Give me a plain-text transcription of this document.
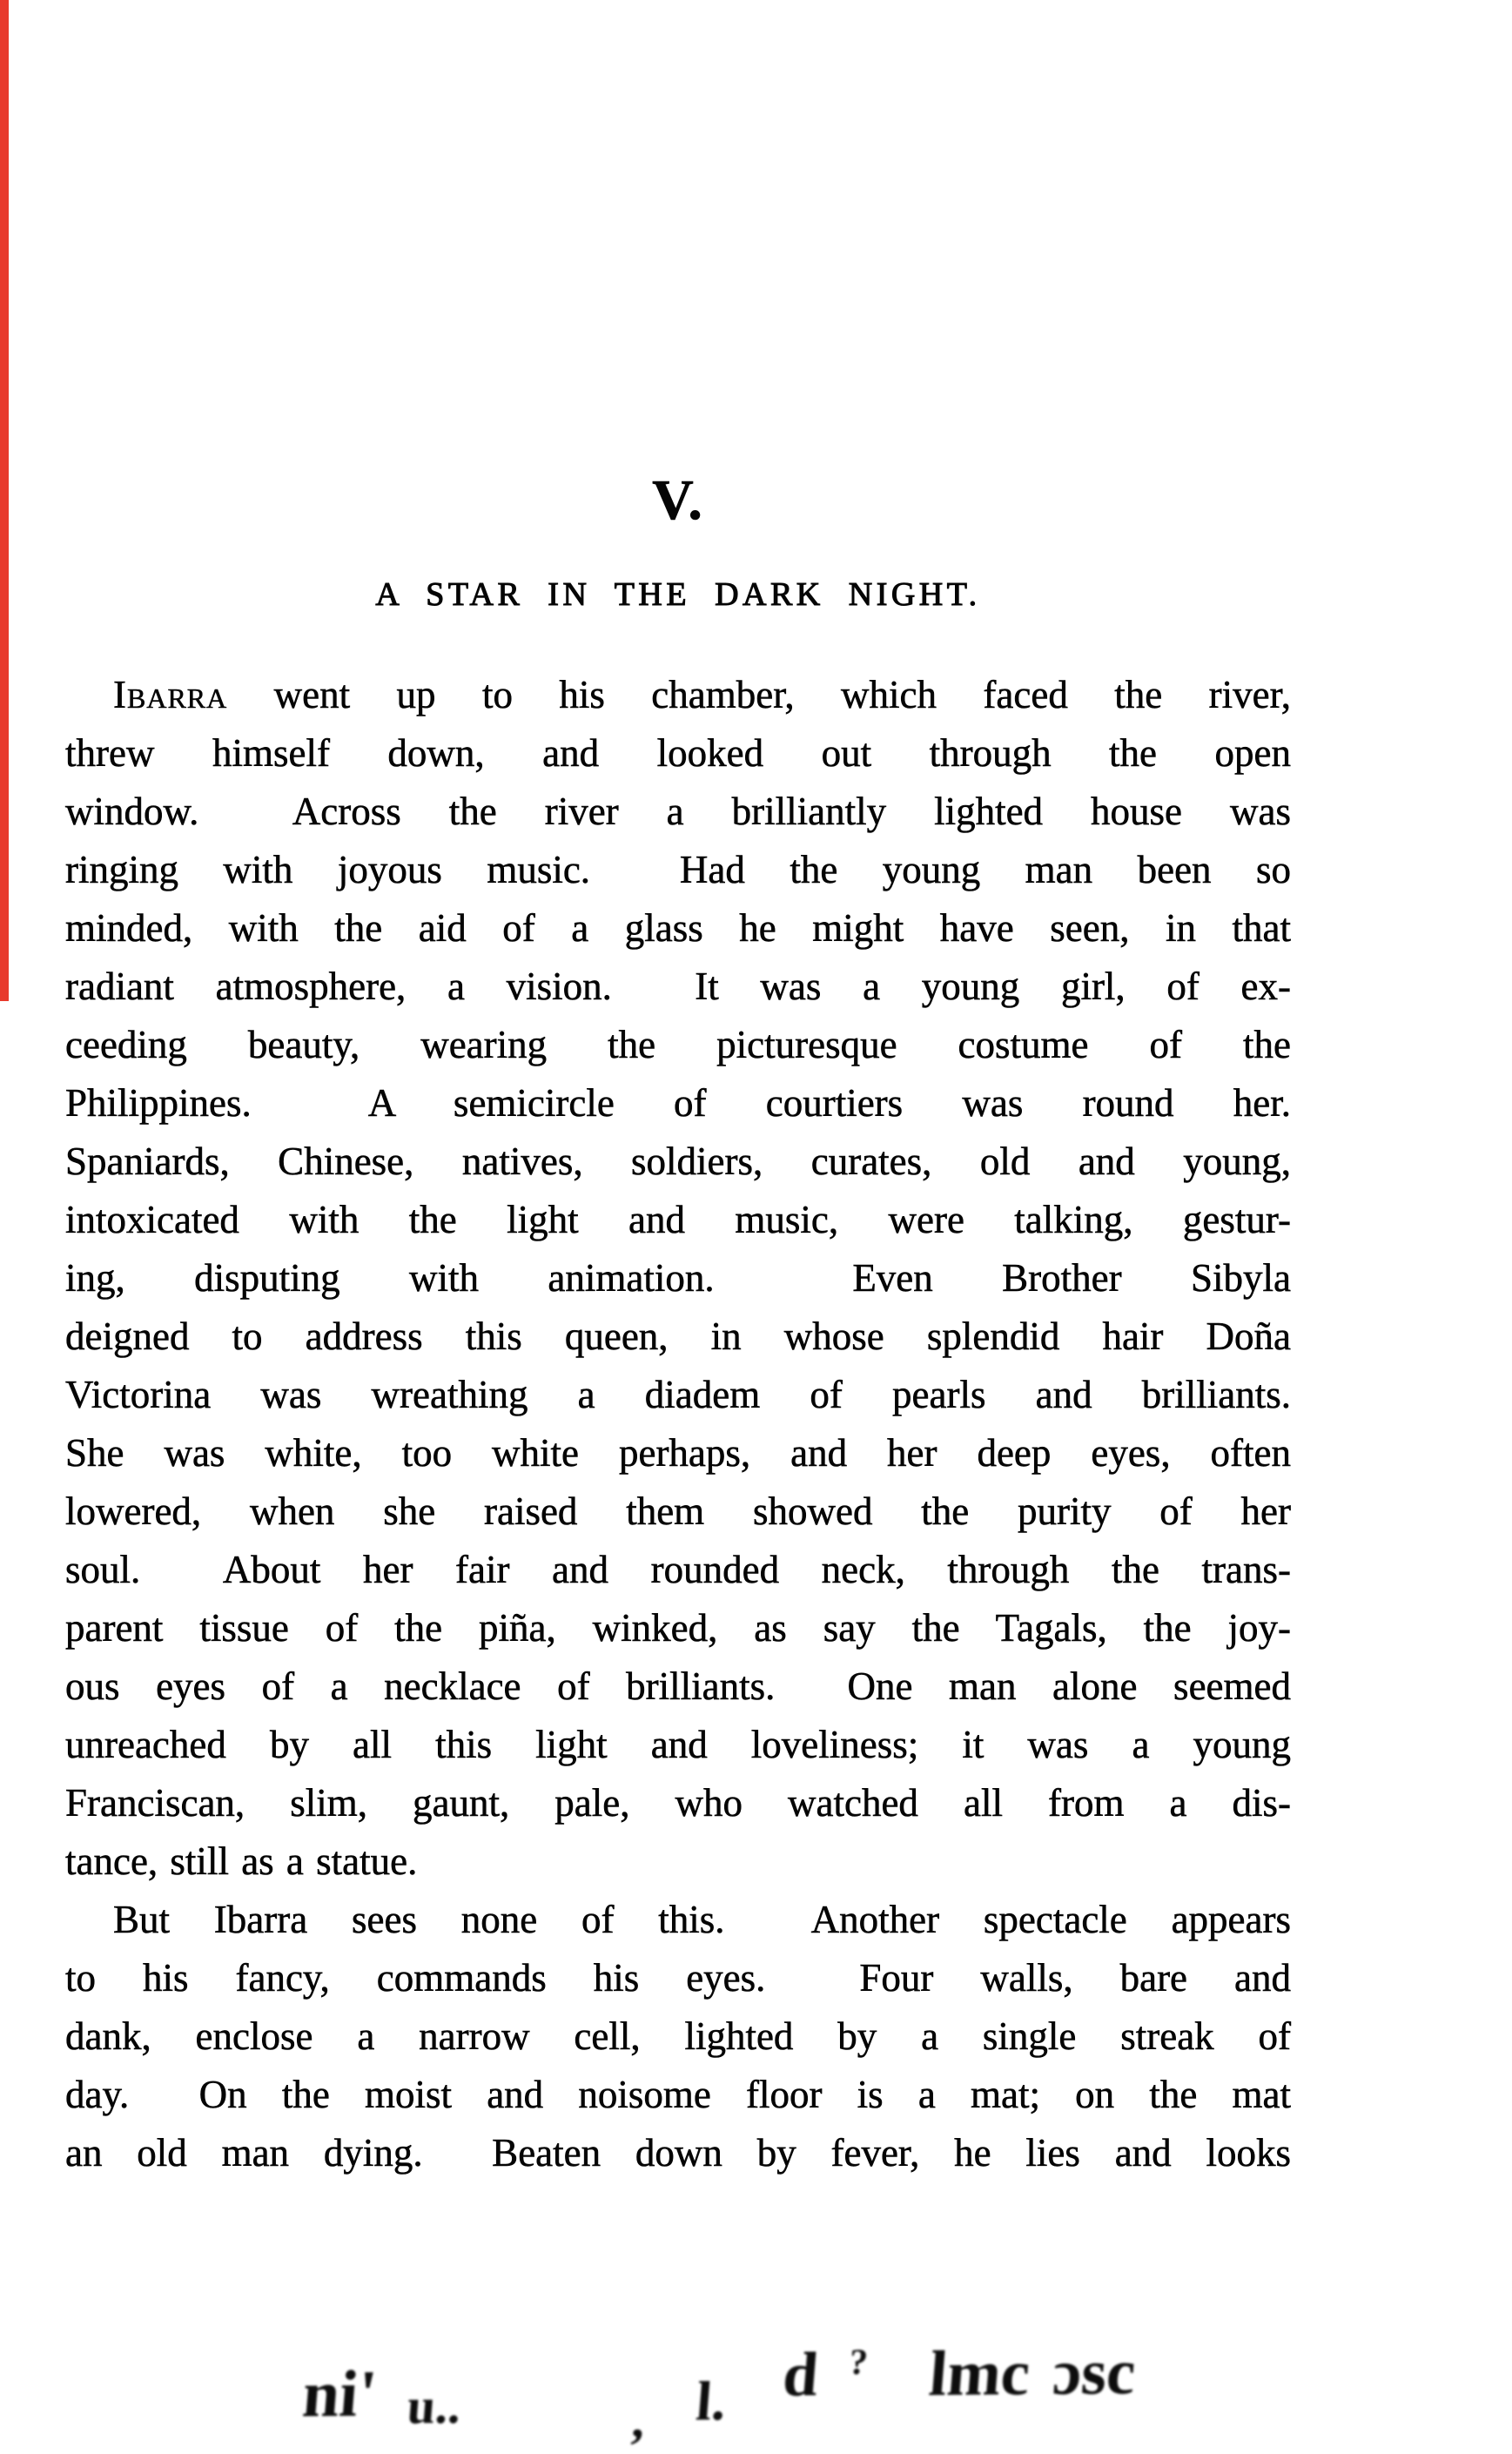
V.
A STAR IN THE DARK NIGHT.
Ibarra went up to his chamber, which faced the river,
threw himself down, and looked out through the open
window.  Across the river a brilliantly lighted house was
ringing with joyous music.  Had the young man been so
minded, with the aid of a glass he might have seen, in that
radiant atmosphere, a vision.  It was a young girl, of ex-
ceeding beauty, wearing the picturesque costume of the
Philippines.  A semicircle of courtiers was round her.
Spaniards, Chinese, natives, soldiers, curates, old and young,
intoxicated with the light and music, were talking, gestur-
ing, disputing with animation.  Even Brother Sibyla
deigned to address this queen, in whose splendid hair Doña
Victorina was wreathing a diadem of pearls and brilliants.
She was white, too white perhaps, and her deep eyes, often
lowered, when she raised them showed the purity of her
soul.  About her fair and rounded neck, through the trans-
parent tissue of the piña, winked, as say the Tagals, the joy-
ous eyes of a necklace of brilliants.  One man alone seemed
unreached by all this light and loveliness; it was a young
Franciscan, slim, gaunt, pale, who watched all from a dis-
tance, still as a statue.
But Ibarra sees none of this.  Another spectacle appears
to his fancy, commands his eyes.  Four walls, bare and
dank, enclose a narrow cell, lighted by a single streak of
day.  On the moist and noisome floor is a mat; on the mat
an old man dying.  Beaten down by fever, he lies and looks
ni' u..	, l. d ? lmc ɔsc
